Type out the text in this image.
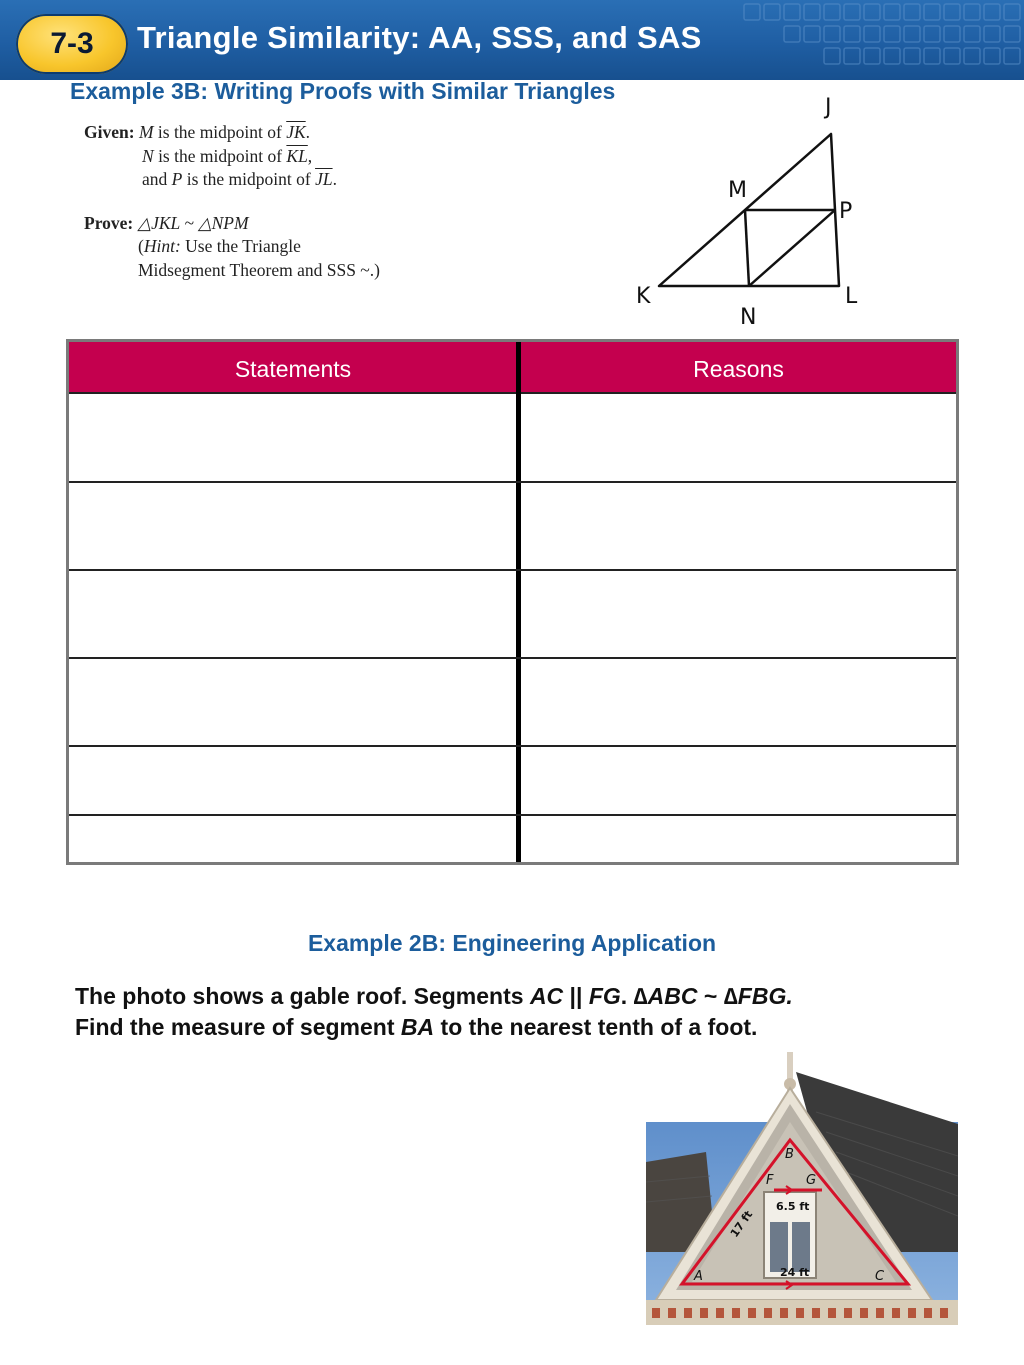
7-3 Triangle Similarity: AA, SSS, and SAS
Example 3B: Writing Proofs with Similar Triangles
Given: M is the midpoint of $\overline{JK}$.
N is the midpoint of $\overline{KL}$,
and P is the midpoint of $\overline{JL}$.
Prove: △JKL ~ △NPM
(Hint: Use the Triangle
Midsegment Theorem and SSS ~.)
J
M
P
K
N
L
Statements	Reasons
Example 2B: Engineering Application
The photo shows a gable roof. Segments AC || FG. ∆ABC ~ ∆FBG.
Find the measure of segment BA to the nearest tenth of a foot.
B
F	G
A	C
6.5 ft
24 ft
17 ft
